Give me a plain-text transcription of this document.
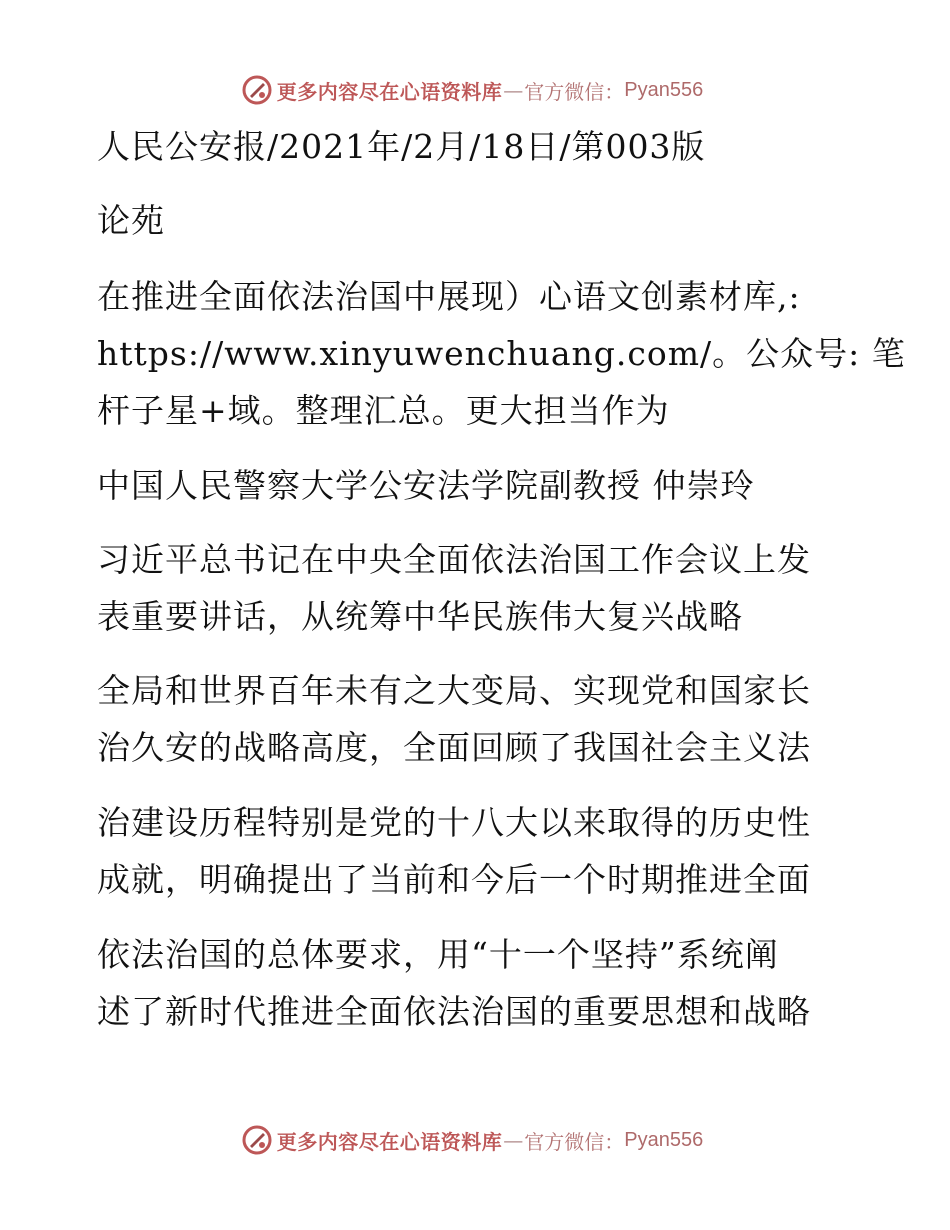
更多内容尽在心语资料库 — 官方微信： Pyan556
人民公安报/2021年/2月/18日/第003版
论苑
在推进全面依法治国中展现）心语文创素材库,:
https://www.xinyuwenchuang.com/。公众号: 笔
杆子星+域。整理汇总。更大担当作为
中国人民警察大学公安法学院副教授 仲崇玲
习近平总书记在中央全面依法治国工作会议上发
表重要讲话，从统筹中华民族伟大复兴战略
全局和世界百年未有之大变局、实现党和国家长
治久安的战略高度，全面回顾了我国社会主义法
治建设历程特别是党的十八大以来取得的历史性
成就，明确提出了当前和今后一个时期推进全面
依法治国的总体要求，用“十一个坚持”系统阐
述了新时代推进全面依法治国的重要思想和战略
更多内容尽在心语资料库 — 官方微信： Pyan556
